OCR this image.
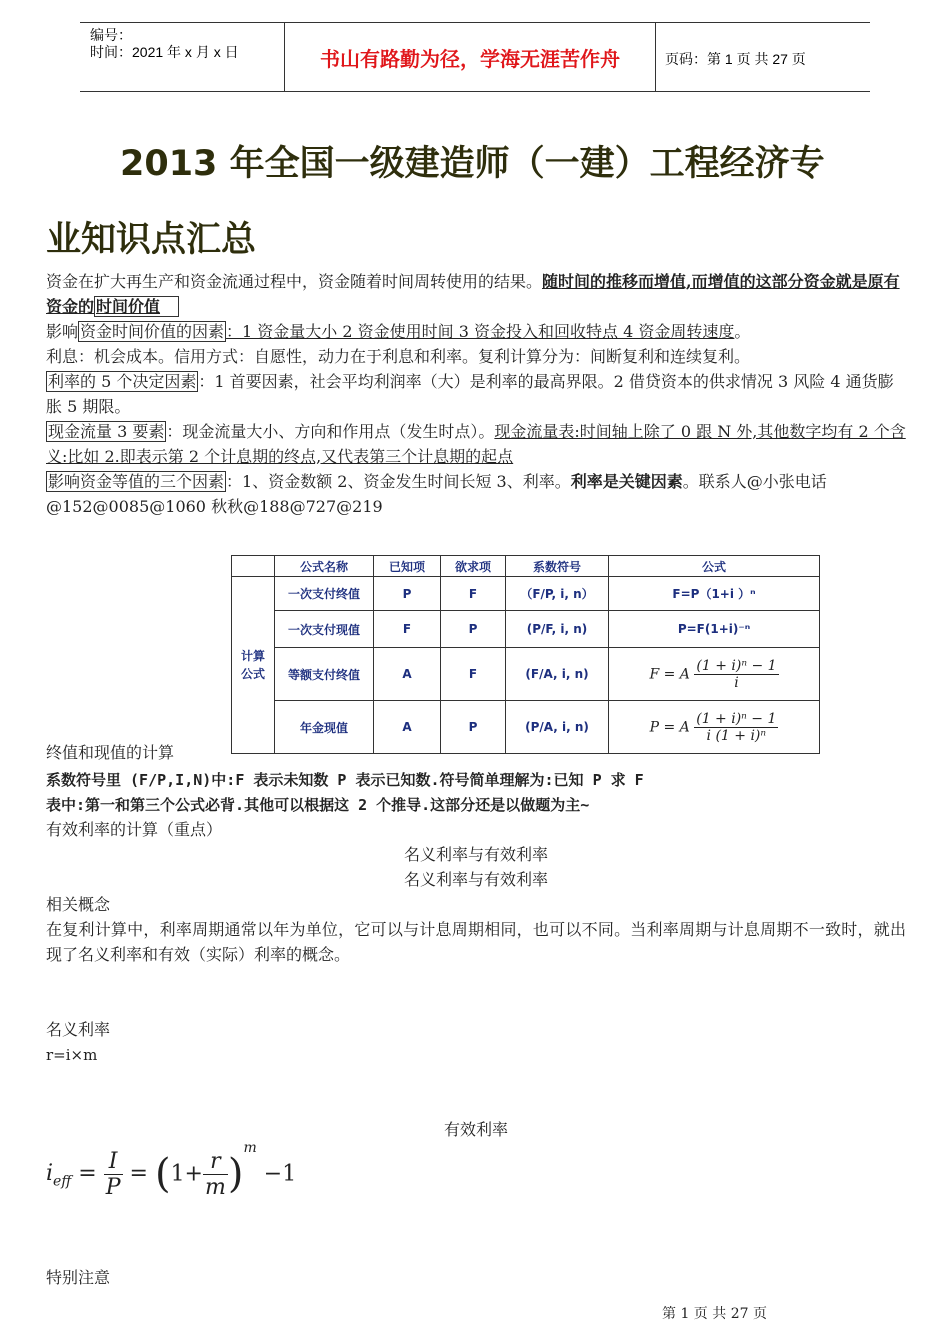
编号：
时间：2021 年 x 月 x 日	书山有路勤为径，学海无涯苦作舟	页码：第 1 页 共 27 页
2013 年全国一级建造师（一建）工程经济专
业知识点汇总
资金在扩大再生产和资金流通过程中，资金随着时间周转使用的结果。随时间的推移而增值,而增值的这部分资金就是原有资金的 时间价值
影响 资金时间价值的因素 ：1 资金量大小 2 资金使用时间 3 资金投入和回收特点 4 资金周转速度。
利息：机会成本。信用方式：自愿性，动力在于利息和利率。复利计算分为：间断复利和连续复利。
利率的 5 个决定因素 ：1 首要因素，社会平均利润率（大）是利率的最高界限。2 借贷资本的供求情况 3 风险 4 通货膨胀 5 期限。
现金流量 3 要素 ：现金流量大小、方向和作用点（发生时点）。现金流量表:时间轴上除了 0 跟 N 外,其他数字均有 2 个含义:比如 2.即表示第 2 个计息期的终点,又代表第三个计息期的起点
影响资金等值的三个因素 ：1、资金数额 2、资金发生时间长短 3、利率。利率是关键因素。联系人@小张电话@152@0085@1060 秋秋@188@727@219
	公式名称	已知项	欲求项	系数符号	公式
计算公式	一次支付终值	P	F	（F/P, i, n）	F=P（1+i ）ⁿ
	一次支付现值	F	P	(P/F, i, n)	P=F(1+i)⁻ⁿ
	等额支付终值	A	F	(F/A, i, n)	F = A $\frac{\text{(1 + i)ⁿ − 1}}{i}$

	年金现值	A	P	(P/A, i, n)	P = A $\frac{\text{(1 + i)ⁿ − 1}}{\text{i (1 + i)ⁿ}}$
终值和现值的计算
系数符号里 (F/P,I,N)中:F 表示未知数 P 表示已知数.符号简单理解为:已知 P 求 F
表中:第一和第三个公式必背.其他可以根据这 2 个推导.这部分还是以做题为主~
有效利率的计算（重点）
名义利率与有效利率
名义利率与有效利率
相关概念
在复利计算中，利率周期通常以年为单位，它可以与计息周期相同，也可以不同。当利率周期与计息周期不一致时，就出现了名义利率和有效（实际）利率的概念。
名义利率
r=i×m
有效利率
$i_{eff} = \frac{I}{P} = (1+ \frac{r}{m} )^m -1$
特别注意
第 1 页 共 27 页
